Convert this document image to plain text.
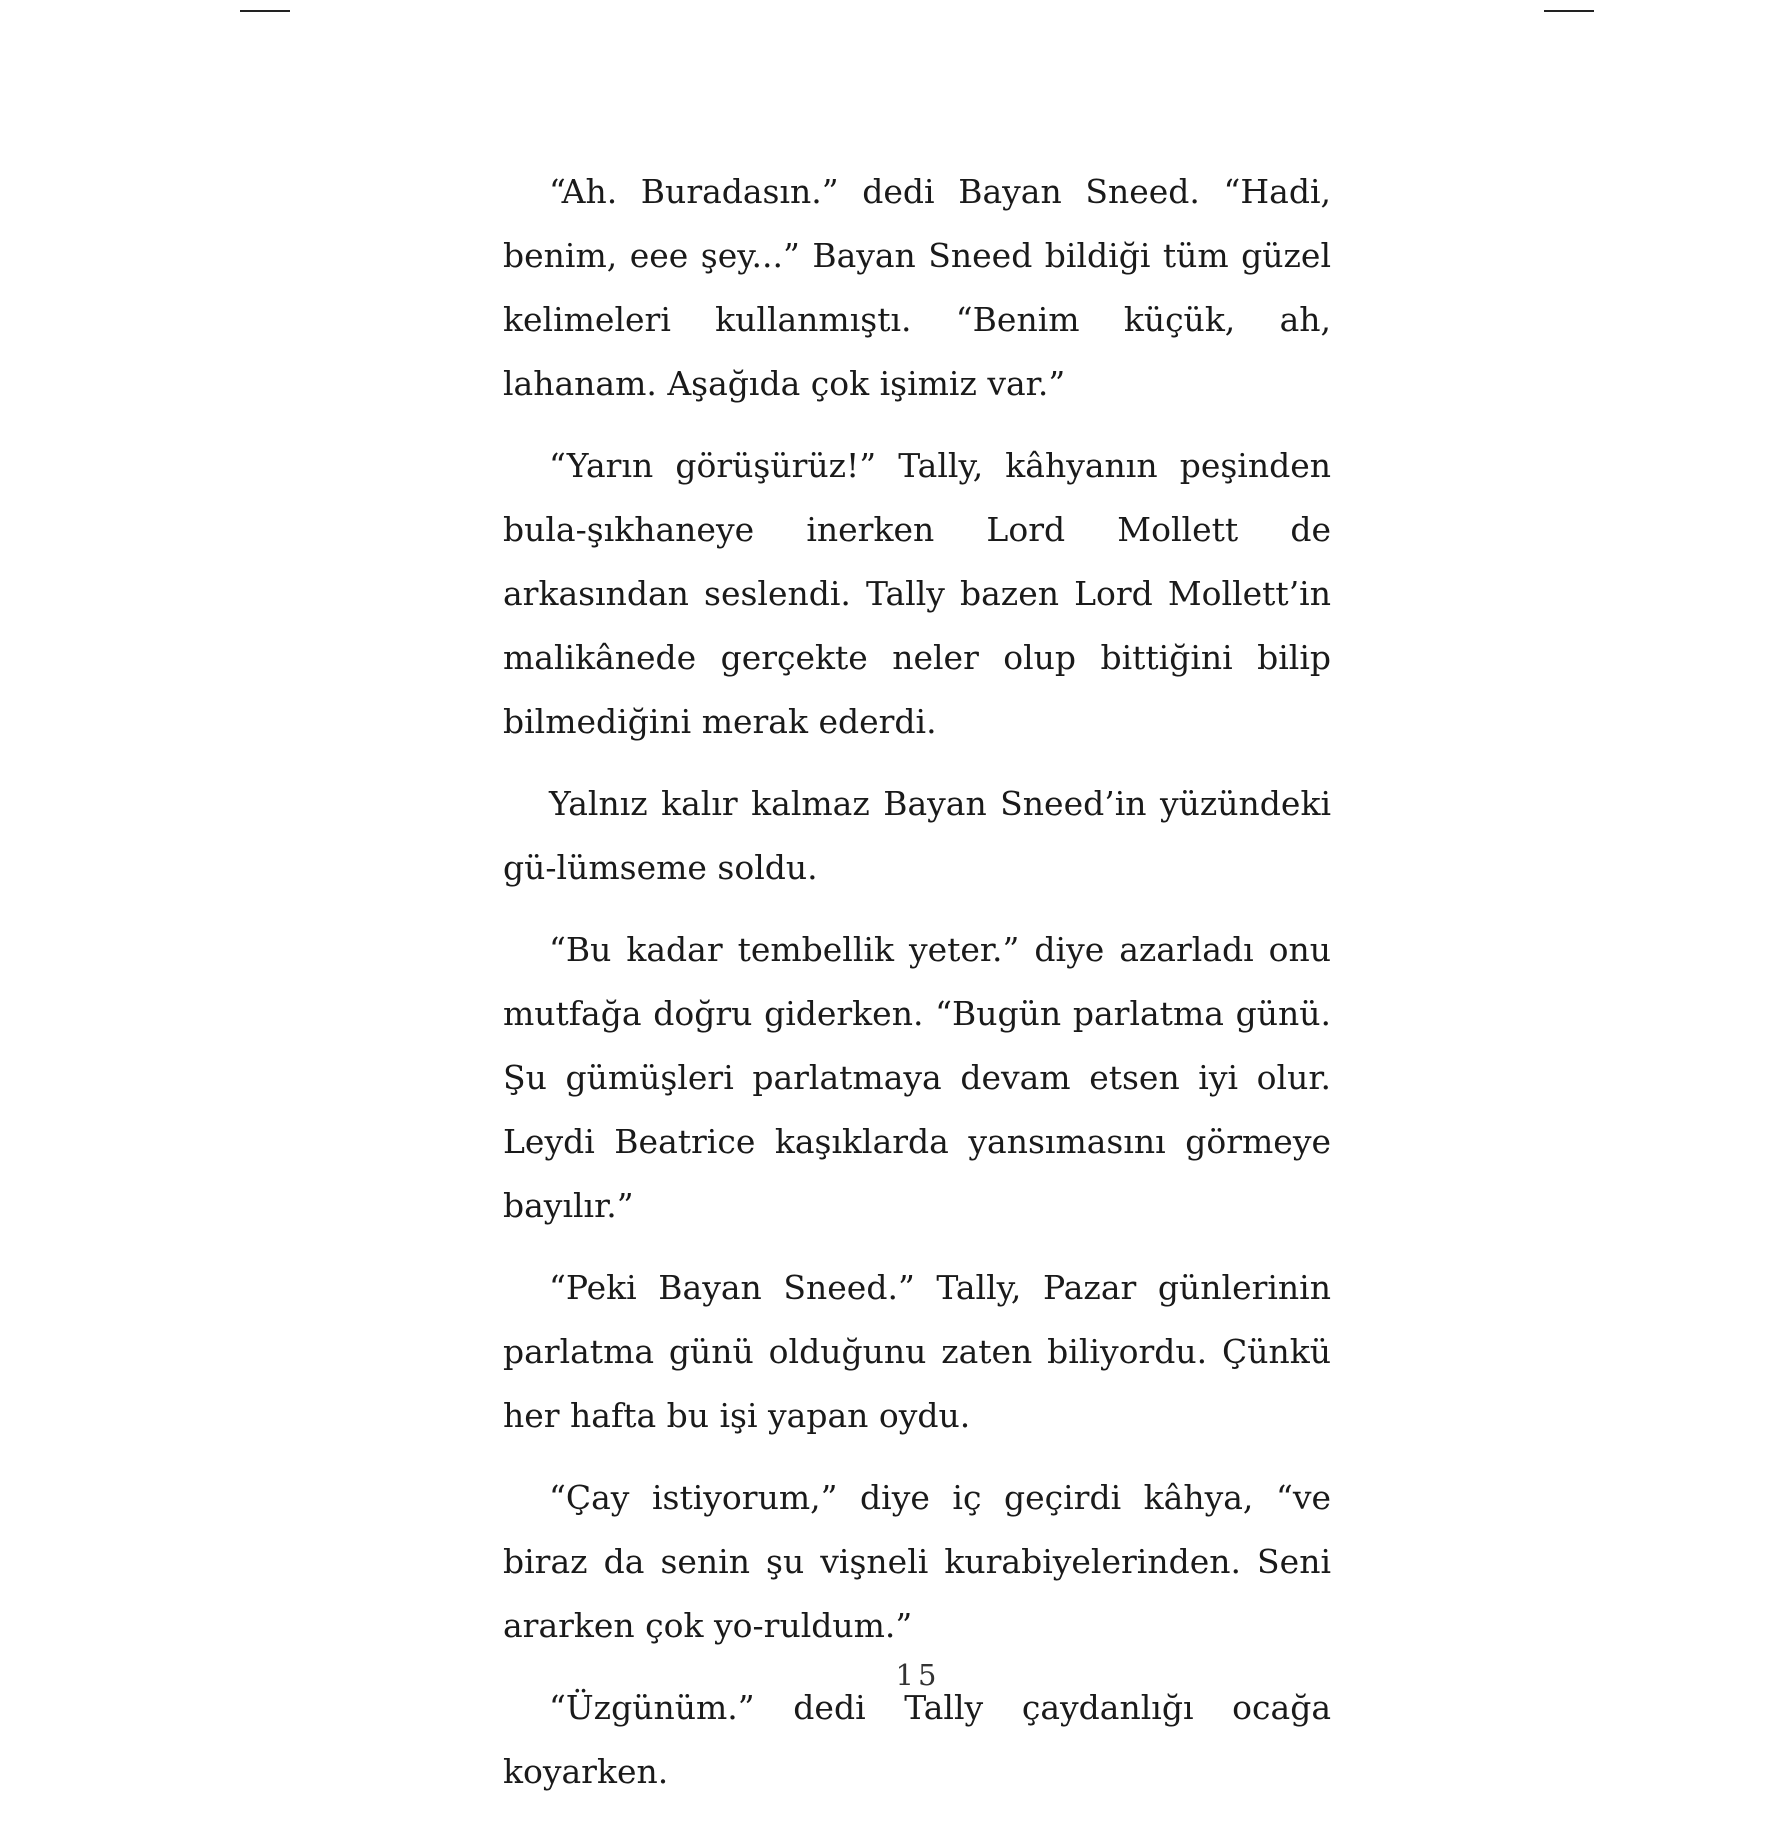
“Ah. Buradasın.” dedi Bayan Sneed. “Hadi, benim, eee şey...” Bayan Sneed bildiği tüm güzel kelimeleri kullanmıştı. “Benim küçük, ah, lahanam. Aşağıda çok işimiz var.”

“Yarın görüşürüz!” Tally, kâhyanın peşinden bula-şıkhaneye inerken Lord Mollett de arkasından seslendi. Tally bazen Lord Mollett’in malikânede gerçekte neler olup bittiğini bilip bilmediğini merak ederdi.

Yalnız kalır kalmaz Bayan Sneed’in yüzündeki gü-lümseme soldu.

“Bu kadar tembellik yeter.” diye azarladı onu mutfağa doğru giderken. “Bugün parlatma günü. Şu gümüşleri parlatmaya devam etsen iyi olur. Leydi Beatrice kaşıklarda yansımasını görmeye bayılır.”

“Peki Bayan Sneed.” Tally, Pazar günlerinin parlatma günü olduğunu zaten biliyordu. Çünkü her hafta bu işi yapan oydu.

“Çay istiyorum,” diye iç geçirdi kâhya, “ve biraz da senin şu vişneli kurabiyelerinden. Seni ararken çok yo-ruldum.”

“Üzgünüm.” dedi Tally çaydanlığı ocağa koyarken.

15
